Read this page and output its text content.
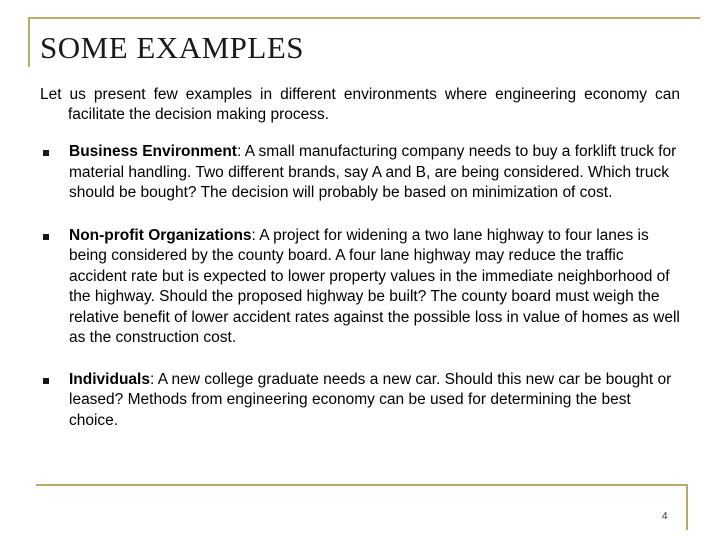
SOME EXAMPLES

Let us present few examples in different environments where engineering economy can facilitate the decision making process.

Business Environment: A small manufacturing company needs to buy a forklift truck for material handling. Two different brands, say A and B, are being considered. Which truck should be bought? The decision will probably be based on minimization of cost.
Non-profit Organizations: A project for widening a two lane highway to four lanes is being considered by the county board. A four lane highway may reduce the traffic accident rate but is expected to lower property values in the immediate neighborhood of the highway. Should the proposed highway be built? The county board must weigh the relative benefit of lower accident rates against the possible loss in value of homes as well as the construction cost.
Individuals: A new college graduate needs a new car. Should this new car be bought or leased? Methods from engineering economy can be used for determining the best choice.
4
